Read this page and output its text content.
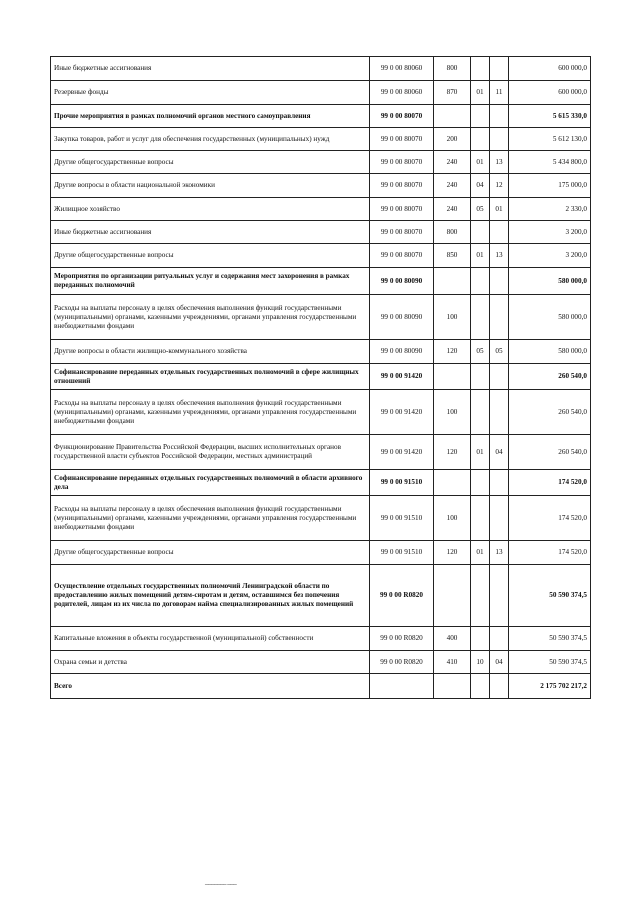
Иные бюджетные ассигнования	99 0 00 80060	800			600 000,0
Резервные фонды	99 0 00 80060	870	01	11	600 000,0
Прочие мероприятия в рамках полномочий органов местного самоуправления	99 0 00 80070				5 615 330,0
Закупка товаров, работ и услуг для обеспечения государственных (муниципальных) нужд	99 0 00 80070	200			5 612 130,0
Другие общегосударственные вопросы	99 0 00 80070	240	01	13	5 434 800,0
Другие вопросы в области национальной экономики	99 0 00 80070	240	04	12	175 000,0
Жилищное хозяйство	99 0 00 80070	240	05	01	2 330,0
Иные бюджетные ассигнования	99 0 00 80070	800			3 200,0
Другие общегосударственные вопросы	99 0 00 80070	850	01	13	3 200,0
Мероприятия по организации ритуальных услуг и содержания мест захоронения в рамках переданных полномочий	99 0 00 80090				580 000,0
Расходы на выплаты персоналу в целях обеспечения выполнения функций государственными (муниципальными) органами, казенными учреждениями, органами управления государственными внебюджетными фондами	99 0 00 80090	100			580 000,0
Другие вопросы в области жилищно-коммунального хозяйства	99 0 00 80090	120	05	05	580 000,0
Софинансирование переданных отдельных государственных полномочий в сфере жилищных отношений	99 0 00 91420				260 540,0
Расходы на выплаты персоналу в целях обеспечения выполнения функций государственными (муниципальными) органами, казенными учреждениями, органами управления государственными внебюджетными фондами	99 0 00 91420	100			260 540,0
Функционирование Правительства Российской Федерации, высших исполнительных органов государственной власти субъектов Российской Федерации, местных администраций	99 0 00 91420	120	01	04	260 540,0
Софинансирование переданных отдельных государственных полномочий в области архивного дела	99 0 00 91510				174 520,0
Расходы на выплаты персоналу в целях обеспечения выполнения функций государственными (муниципальными) органами, казенными учреждениями, органами управления государственными внебюджетными фондами	99 0 00 91510	100			174 520,0
Другие общегосударственные вопросы	99 0 00 91510	120	01	13	174 520,0
Осуществление отдельных государственных полномочий Ленинградской области по предоставлению жилых помещений детям-сиротам и детям, оставшимся без попечения родителей, лицам из их числа по договорам найма специализированных жилых помещений	99 0 00 R0820				50 590 374,5
Капитальные вложения в объекты государственной (муниципальной) собственности	99 0 00 R0820	400			50 590 374,5
Охрана семьи и детства	99 0 00 R0820	410	10	04	50 590 374,5
Всего					2 175 702 217,2
_______ ___
